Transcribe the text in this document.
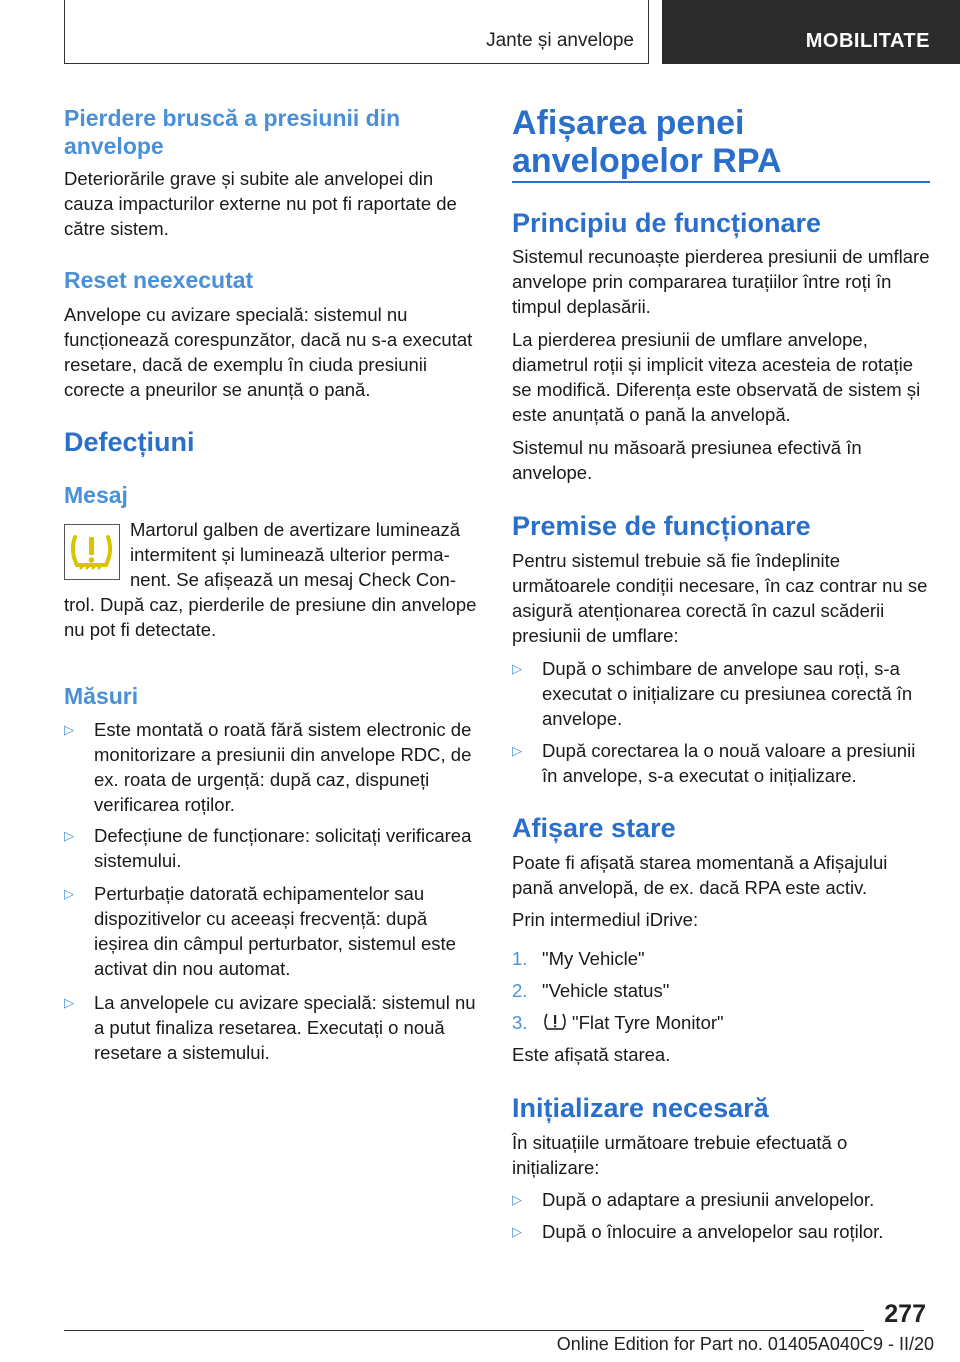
Jante și anvelope	MOBILITATE
Pierdere bruscă a presiunii din anvelope

Deteriorările grave și subite ale anvelopei din cauza impacturilor externe nu pot fi raportate de către sistem.

Reset neexecutat

Anvelope cu avizare specială: sistemul nu funcționează corespunzător, dacă nu s-a executat resetare, dacă de exemplu în ciuda presiunii corecte a pneurilor se anunță o pană.

Defecțiuni
Mesaj

Martorul galben de avertizare luminează

intermitent și luminează ulterior perma-

nent. Se afișează un mesaj Check Con-

trol. După caz, pierderile de presiune din anvelope nu pot fi detectate.

Măsuri
▷	Este montată o roată fără sistem electronic de monitorizare a presiunii din anvelope RDC, de ex. roata de urgență: după caz, dispuneți verificarea roților.
▷	Defecțiune de funcționare: solicitați verificarea sistemului.
▷	Perturbație datorată echipamentelor sau dispozitivelor cu aceeași frecvență: după ieșirea din câmpul perturbator, sistemul este activat din nou automat.
▷	La anvelopele cu avizare specială: sistemul nu a putut finaliza resetarea. Executați o nouă resetare a sistemului.
Afișarea penei anvelopelor RPA
Principiu de funcționare

Sistemul recunoaște pierderea presiunii de umflare anvelope prin compararea turațiilor între roți în timpul deplasării.

La pierderea presiunii de umflare anvelope, diametrul roții și implicit viteza acesteia de rotație se modifică. Diferența este observată de sistem și este anunțată o pană la anvelopă.

Sistemul nu măsoară presiunea efectivă în anvelope.

Premise de funcționare

Pentru sistemul trebuie să fie îndeplinite următoarele condiții necesare, în caz contrar nu se asigură atenționarea corectă în cazul scăderii presiunii de umflare:

▷	După o schimbare de anvelope sau roți, s-a executat o inițializare cu presiunea corectă în anvelope.
▷	După corectarea la o nouă valoare a presiunii în anvelope, s-a executat o inițializare.
Afișare stare

Poate fi afișată starea momentană a Afișajului pană anvelopă, de ex. dacă RPA este activ.

Prin intermediul iDrive:

1. "My Vehicle"
2. "Vehicle status"
3. "Flat Tyre Monitor"

Este afișată starea.

Inițializare necesară

În situațiile următoare trebuie efectuată o inițializare:

▷	După o adaptare a presiunii anvelopelor.
▷	După o înlocuire a anvelopelor sau roților.
277
Online Edition for Part no. 01405A040C9 - II/20
